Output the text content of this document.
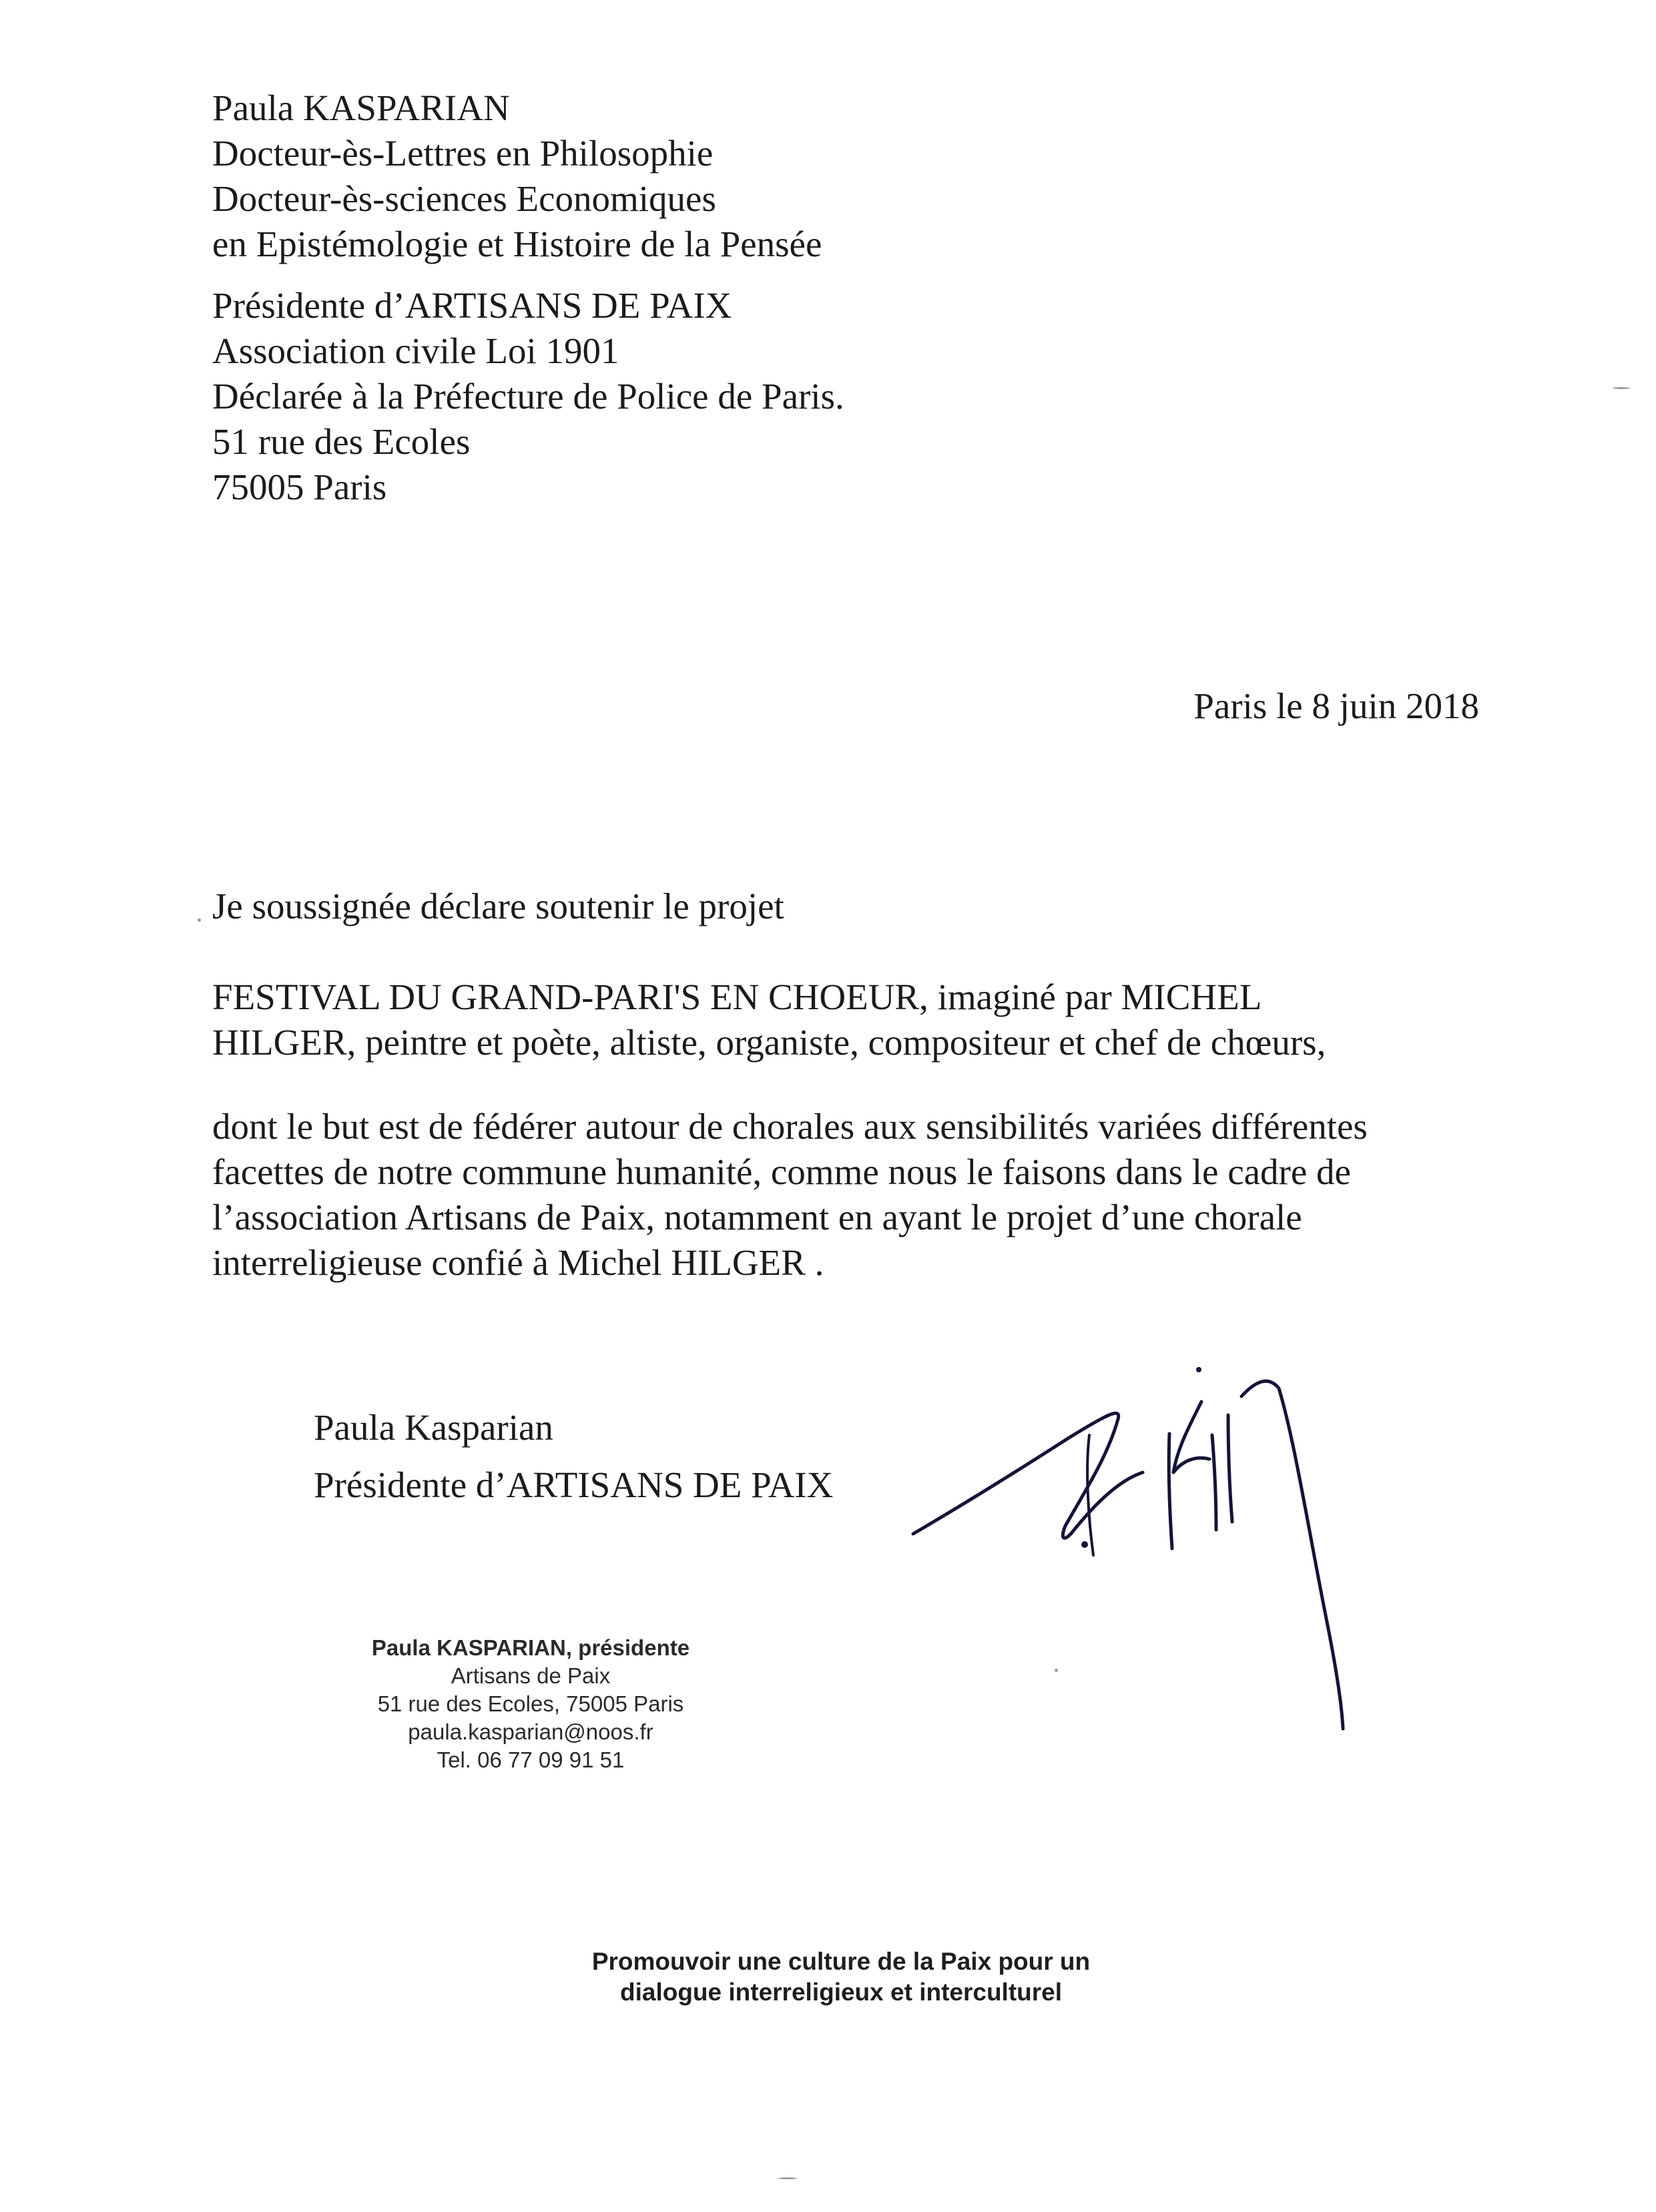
Paula KASPARIAN
Docteur-ès-Lettres en Philosophie
Docteur-ès-sciences Economiques
en Epistémologie et Histoire de la Pensée
Présidente d’ARTISANS DE PAIX
Association civile Loi 1901
Déclarée à la Préfecture de Police de Paris.
51 rue des Ecoles
75005 Paris
Paris le 8 juin 2018
Je soussignée déclare soutenir le projet
FESTIVAL DU GRAND-PARI'S EN CHOEUR, imaginé par MICHEL
HILGER, peintre et poète, altiste, organiste, compositeur et chef de chœurs,
dont le but est de fédérer autour de chorales aux sensibilités variées différentes
facettes de notre commune humanité, comme nous le faisons dans le cadre de
l’association Artisans de Paix, notamment en ayant le projet d’une chorale
interreligieuse confié à Michel HILGER .
Paula Kasparian
Présidente d’ARTISANS DE PAIX
Paula KASPARIAN, présidente
Artisans de Paix
51 rue des Ecoles, 75005 Paris
paula.kasparian@noos.fr
Tel. 06 77 09 91 51
Promouvoir une culture de la Paix pour un
dialogue interreligieux et interculturel
